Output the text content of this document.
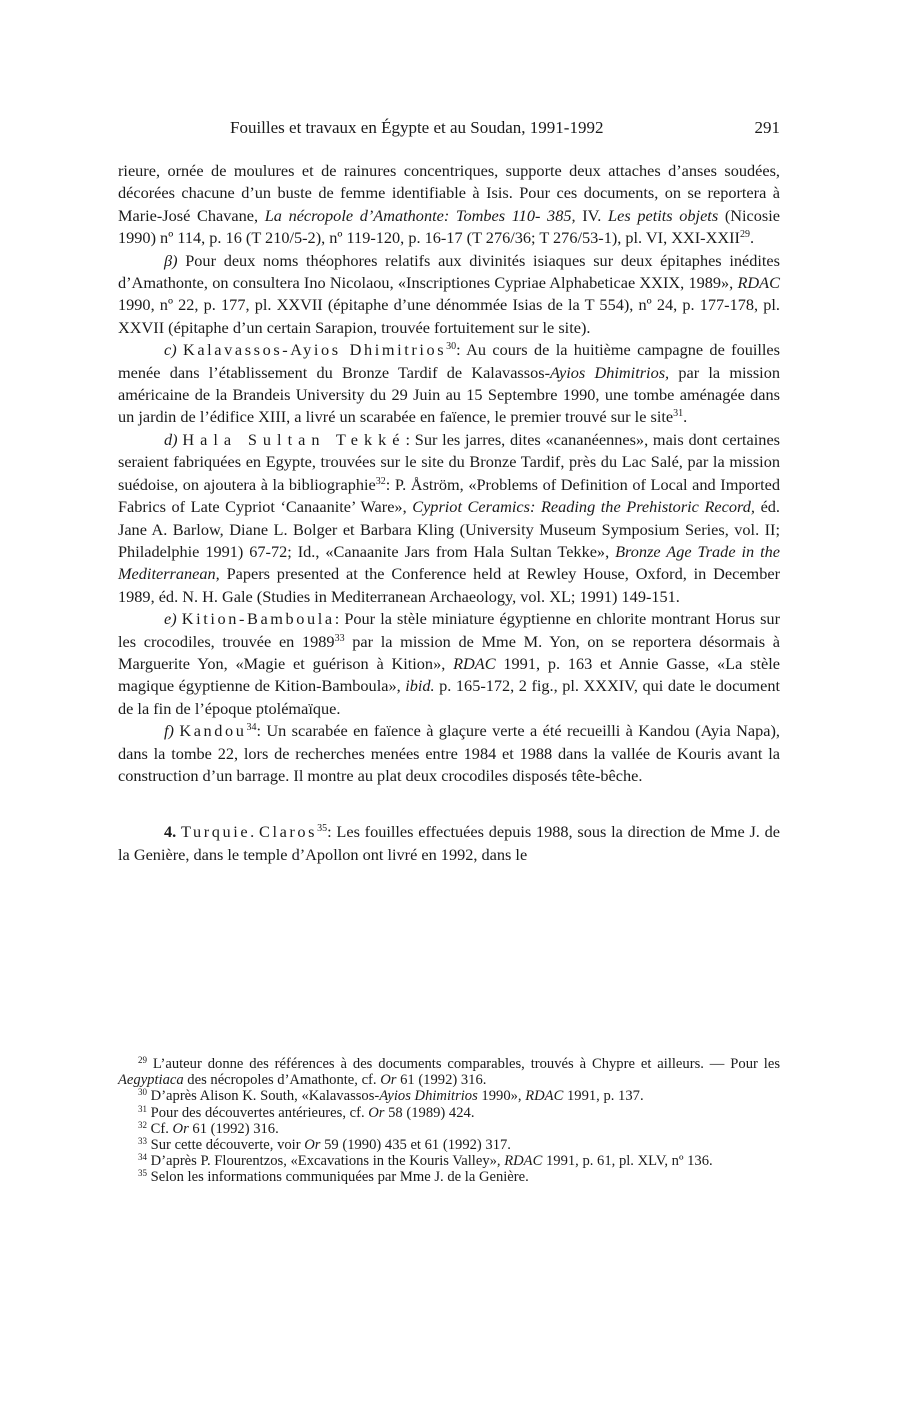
Fouilles et travaux en Égypte et au Soudan, 1991-1992	291

rieure, ornée de moulures et de rainures concentriques, supporte deux attaches d’anses soudées, décorées chacune d’un buste de femme identifiable à Isis. Pour ces documents, on se reportera à Marie-José Chavane, La nécropole d’Amathonte: Tombes 110- 385, IV. Les petits objets (Nicosie 1990) nº 114, p. 16 (T 210/5-2), nº 119-120, p. 16-17 (T 276/36; T 276/53-1), pl. VI, XXI-XXII$^{29}$.

β) Pour deux noms théophores relatifs aux divinités isiaques sur deux épitaphes inédites d’Amathonte, on consultera Ino Nicolaou, «Inscriptiones Cypriae Alphabeticae XXIX, 1989», RDAC 1990, nº 22, p. 177, pl. XXVII (épitaphe d’une dénommée Isias de la T 554), nº 24, p. 177-178, pl. XXVII (épitaphe d’un certain Sarapion, trouvée fortuitement sur le site).

c) Kalavassos-Ayios Dhimitrios$^{30}$: Au cours de la huitième campagne de fouilles menée dans l’établissement du Bronze Tardif de Kalavassos-Ayios Dhimitrios, par la mission américaine de la Brandeis University du 29 Juin au 15 Septembre 1990, une tombe aménagée dans un jardin de l’édifice XIII, a livré un scarabée en faïence, le premier trouvé sur le site$^{31}$.

d) Hala Sultan Tekké: Sur les jarres, dites «cananéennes», mais dont certaines seraient fabriquées en Egypte, trouvées sur le site du Bronze Tardif, près du Lac Salé, par la mission suédoise, on ajoutera à la bibliographie$^{32}$: P. Åström, «Problems of Definition of Local and Imported Fabrics of Late Cypriot ‘Canaanite’ Ware», Cypriot Ceramics: Reading the Prehistoric Record, éd. Jane A. Barlow, Diane L. Bolger et Barbara Kling (University Museum Symposium Series, vol. II; Philadelphie 1991) 67-72; Id., «Canaanite Jars from Hala Sultan Tekke», Bronze Age Trade in the Mediterranean, Papers presented at the Conference held at Rewley House, Oxford, in December 1989, éd. N. H. Gale (Studies in Mediterranean Archaeology, vol. XL; 1991) 149-151.

e) Kition-Bamboula: Pour la stèle miniature égyptienne en chlorite montrant Horus sur les crocodiles, trouvée en 1989$^{33}$ par la mission de Mme M. Yon, on se reportera désormais à Marguerite Yon, «Magie et guérison à Kition», RDAC 1991, p. 163 et Annie Gasse, «La stèle magique égyptienne de Kition-Bamboula», ibid. p. 165-172, 2 fig., pl. XXXIV, qui date le document de la fin de l’époque ptolémaïque.

f) Kandou$^{34}$: Un scarabée en faïence à glaçure verte a été recueilli à Kandou (Ayia Napa), dans la tombe 22, lors de recherches menées entre 1984 et 1988 dans la vallée de Kouris avant la construction d’un barrage. Il montre au plat deux crocodiles disposés tête-bêche.

4. Turquie. Claros$^{35}$: Les fouilles effectuées depuis 1988, sous la direction de Mme J. de la Genière, dans le temple d’Apollon ont livré en 1992, dans le

$^{29}$ L’auteur donne des références à des documents comparables, trouvés à Chypre et ailleurs. — Pour les Aegyptiaca des nécropoles d’Amathonte, cf. Or 61 (1992) 316.

$^{30}$ D’après Alison K. South, «Kalavassos-Ayios Dhimitrios 1990», RDAC 1991, p. 137.

$^{31}$ Pour des découvertes antérieures, cf. Or 58 (1989) 424.

$^{32}$ Cf. Or 61 (1992) 316.

$^{33}$ Sur cette découverte, voir Or 59 (1990) 435 et 61 (1992) 317.

$^{34}$ D’après P. Flourentzos, «Excavations in the Kouris Valley», RDAC 1991, p. 61, pl. XLV, nº 136.

$^{35}$ Selon les informations communiquées par Mme J. de la Genière.
